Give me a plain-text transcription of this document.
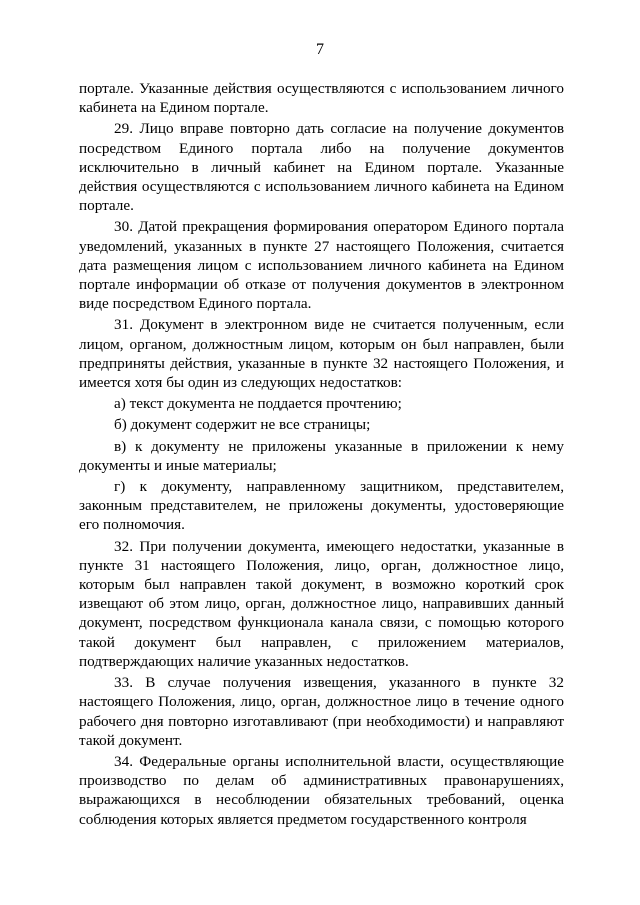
7

портале. Указанные действия осуществляются с использованием личного кабинета на Едином портале.

29. Лицо вправе повторно дать согласие на получение документов посредством Единого портала либо на получение документов исключительно в личный кабинет на Едином портале. Указанные действия осуществляются с использованием личного кабинета на Едином портале.

30. Датой прекращения формирования оператором Единого портала уведомлений, указанных в пункте 27 настоящего Положения, считается дата размещения лицом с использованием личного кабинета на Едином портале информации об отказе от получения документов в электронном виде посредством Единого портала.

31. Документ в электронном виде не считается полученным, если лицом, органом, должностным лицом, которым он был направлен, были предприняты действия, указанные в пункте 32 настоящего Положения, и имеется хотя бы один из следующих недостатков:

а) текст документа не поддается прочтению;

б) документ содержит не все страницы;

в) к документу не приложены указанные в приложении к нему документы и иные материалы;

г) к документу, направленному защитником, представителем, законным представителем, не приложены документы, удостоверяющие его полномочия.

32. При получении документа, имеющего недостатки, указанные в пункте 31 настоящего Положения, лицо, орган, должностное лицо, которым был направлен такой документ, в возможно короткий срок извещают об этом лицо, орган, должностное лицо, направивших данный документ, посредством функционала канала связи, с помощью которого такой документ был направлен, с приложением материалов, подтверждающих наличие указанных недостатков.

33. В случае получения извещения, указанного в пункте 32 настоящего Положения, лицо, орган, должностное лицо в течение одного рабочего дня повторно изготавливают (при необходимости) и направляют такой документ.

34. Федеральные органы исполнительной власти, осуществляющие производство по делам об административных правонарушениях, выражающихся в несоблюдении обязательных требований, оценка соблюдения которых является предметом государственного контроля
